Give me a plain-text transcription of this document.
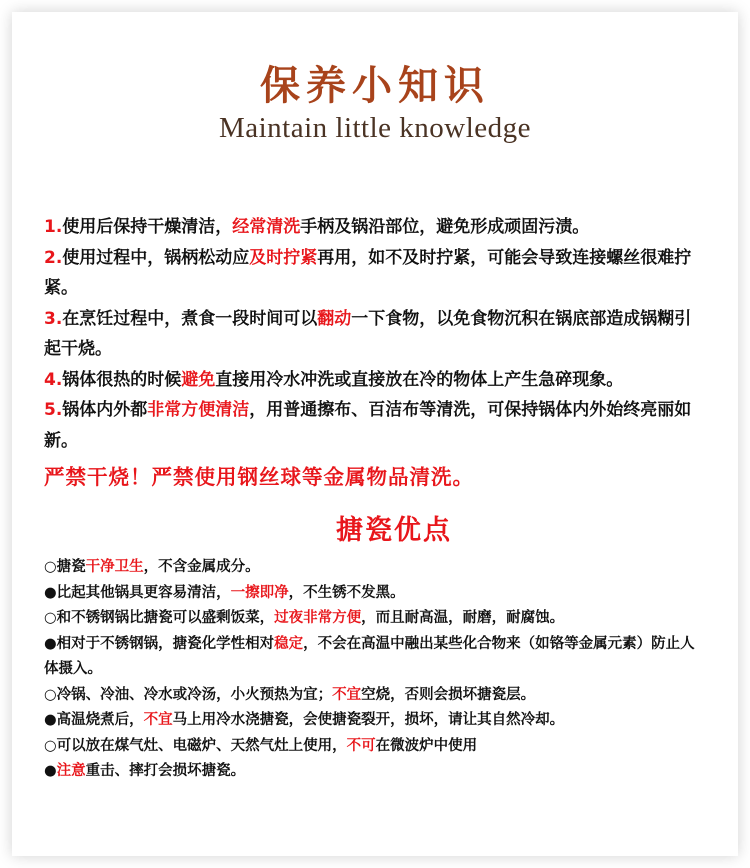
保养小知识
Maintain little knowledge

1.使用后保持干燥清洁，经常清洗手柄及锅沿部位，避免形成顽固污渍。

2.使用过程中，锅柄松动应及时拧紧再用，如不及时拧紧，可能会导致连接螺丝很难拧紧。

3.在烹饪过程中，煮食一段时间可以翻动一下食物，以免食物沉积在锅底部造成锅糊引起干烧。

4.锅体很热的时候避免直接用冷水冲洗或直接放在冷的物体上产生急碎现象。

5.锅体内外都非常方便清洁，用普通擦布、百洁布等清洗，可保持锅体内外始终亮丽如新。

严禁干烧！严禁使用钢丝球等金属物品清洗。

搪瓷优点

○搪瓷干净卫生，不含金属成分。

●比起其他锅具更容易清洁，一擦即净，不生锈不发黑。

○和不锈钢锅比搪瓷可以盛剩饭菜，过夜非常方便，而且耐高温，耐磨，耐腐蚀。

●相对于不锈钢锅，搪瓷化学性相对稳定，不会在高温中融出某些化合物来（如铬等金属元素）防止人体摄入。

○冷锅、冷油、冷水或冷汤，小火预热为宜；不宜空烧，否则会损坏搪瓷层。

●高温烧煮后，不宜马上用冷水浇搪瓷，会使搪瓷裂开，损坏，请让其自然冷却。

○可以放在煤气灶、电磁炉、天然气灶上使用，不可在微波炉中使用

●注意重击、摔打会损坏搪瓷。
